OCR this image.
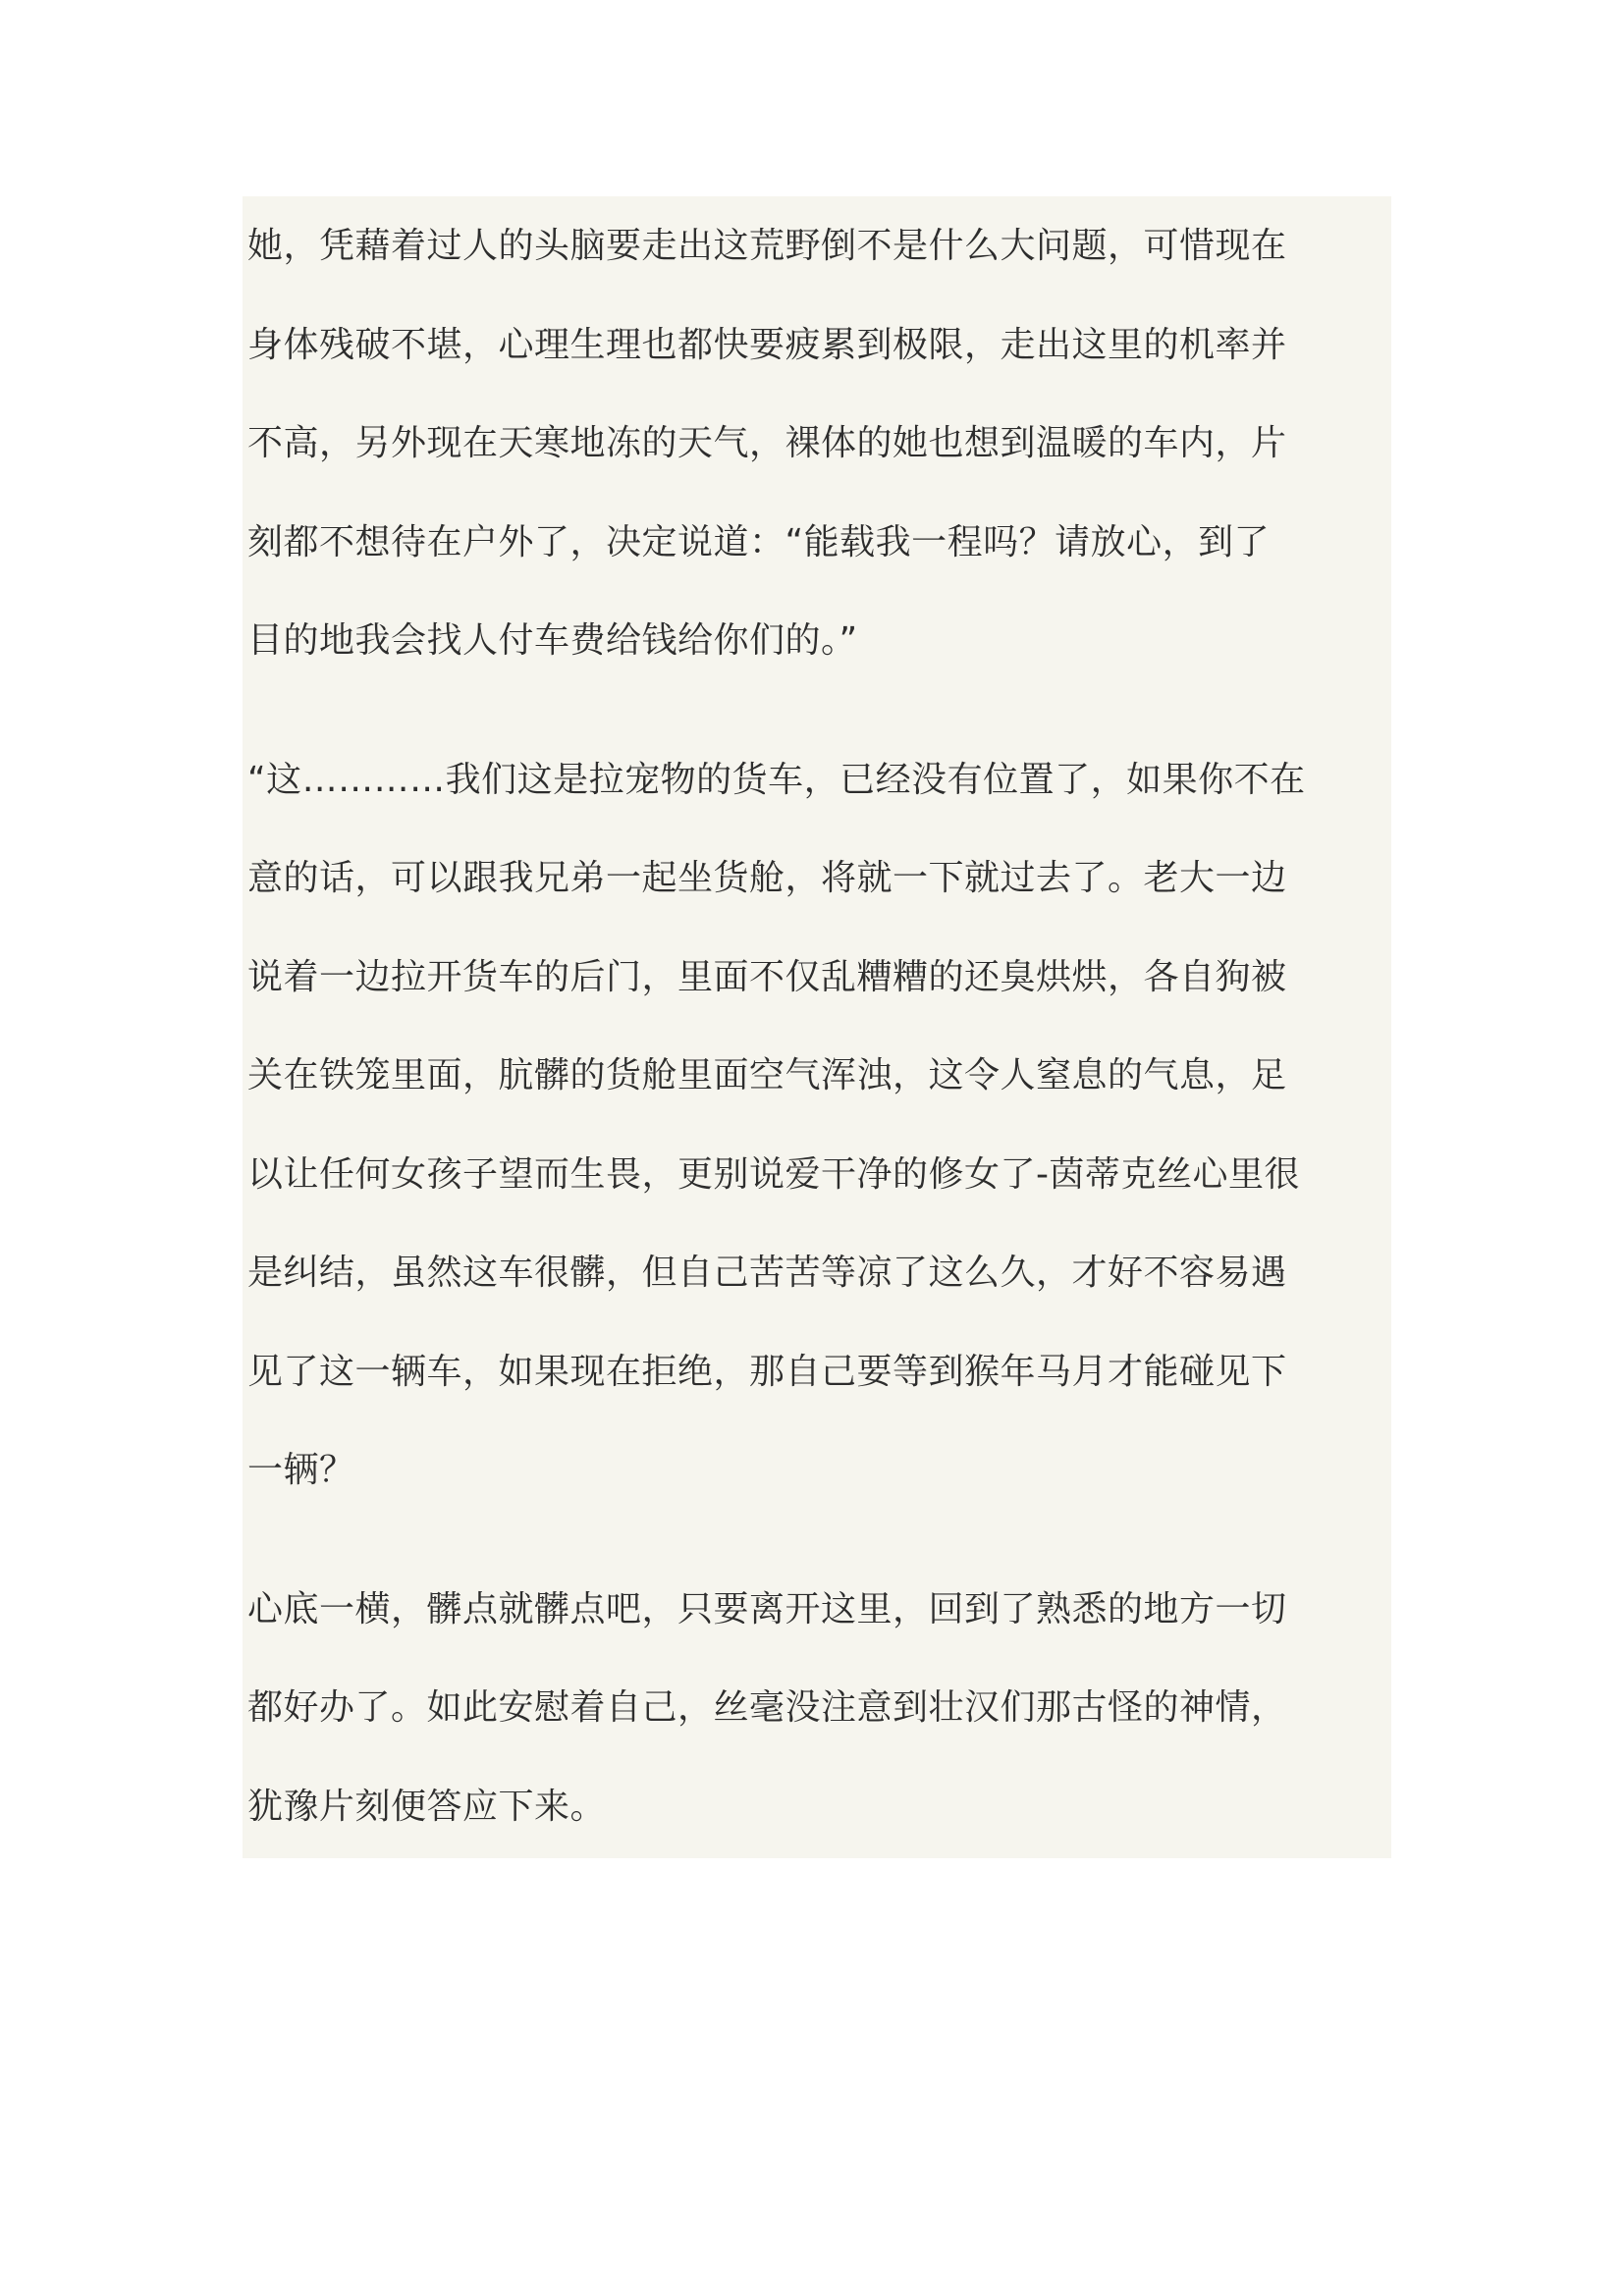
她，凭藉着过人的头脑要走出这荒野倒不是什么大问题，可惜现在
身体残破不堪，心理生理也都快要疲累到极限，走出这里的机率并
不高，另外现在天寒地冻的天气，裸体的她也想到温暖的车内，片
刻都不想待在户外了，决定说道：“能载我一程吗？请放心，到了
目的地我会找人付车费给钱给你们的。”

“这…………我们这是拉宠物的货车，已经没有位置了，如果你不在
意的话，可以跟我兄弟一起坐货舱，将就一下就过去了。老大一边
说着一边拉开货车的后门，里面不仅乱糟糟的还臭烘烘，各自狗被
关在铁笼里面，肮髒的货舱里面空气浑浊，这令人窒息的气息，足
以让任何女孩子望而生畏，更别说爱干净的修女了-茵蒂克丝心里很
是纠结，虽然这车很髒，但自己苦苦等凉了这么久，才好不容易遇
见了这一辆车，如果现在拒绝，那自己要等到猴年马月才能碰见下
一辆？

心底一横，髒点就髒点吧，只要离开这里，回到了熟悉的地方一切
都好办了。如此安慰着自己，丝毫没注意到壮汉们那古怪的神情，
犹豫片刻便答应下来。
